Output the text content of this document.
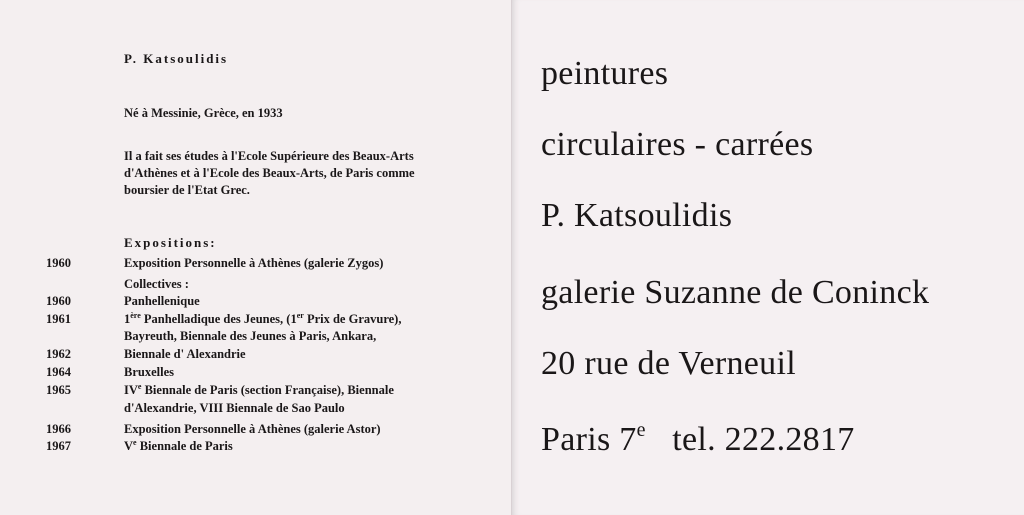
P. Katsoulidis
Né à Messinie, Grèce, en 1933
Il a fait ses études à l'Ecole Supérieure des Beaux-Arts
d'Athènes et à l'Ecole des Beaux-Arts, de Paris comme
boursier de l'Etat Grec.
Expositions:
1960	Exposition Personnelle à Athènes (galerie Zygos)
Collectives :
1960	Panhellenique
1961	1ère Panhelladique des Jeunes, (1er Prix de Gravure),
Bayreuth, Biennale des Jeunes à Paris, Ankara,
1962	Biennale d' Alexandrie
1964	Bruxelles
1965	IVe Biennale de Paris (section Française), Biennale
d'Alexandrie, VIII Biennale de Sao Paulo
1966	Exposition Personnelle à Athènes (galerie Astor)
1967	Ve Biennale de Paris
peintures
circulaires - carrées
P. Katsoulidis
galerie Suzanne de Coninck
20 rue de Verneuil
Paris 7e   tel. 222.2817
